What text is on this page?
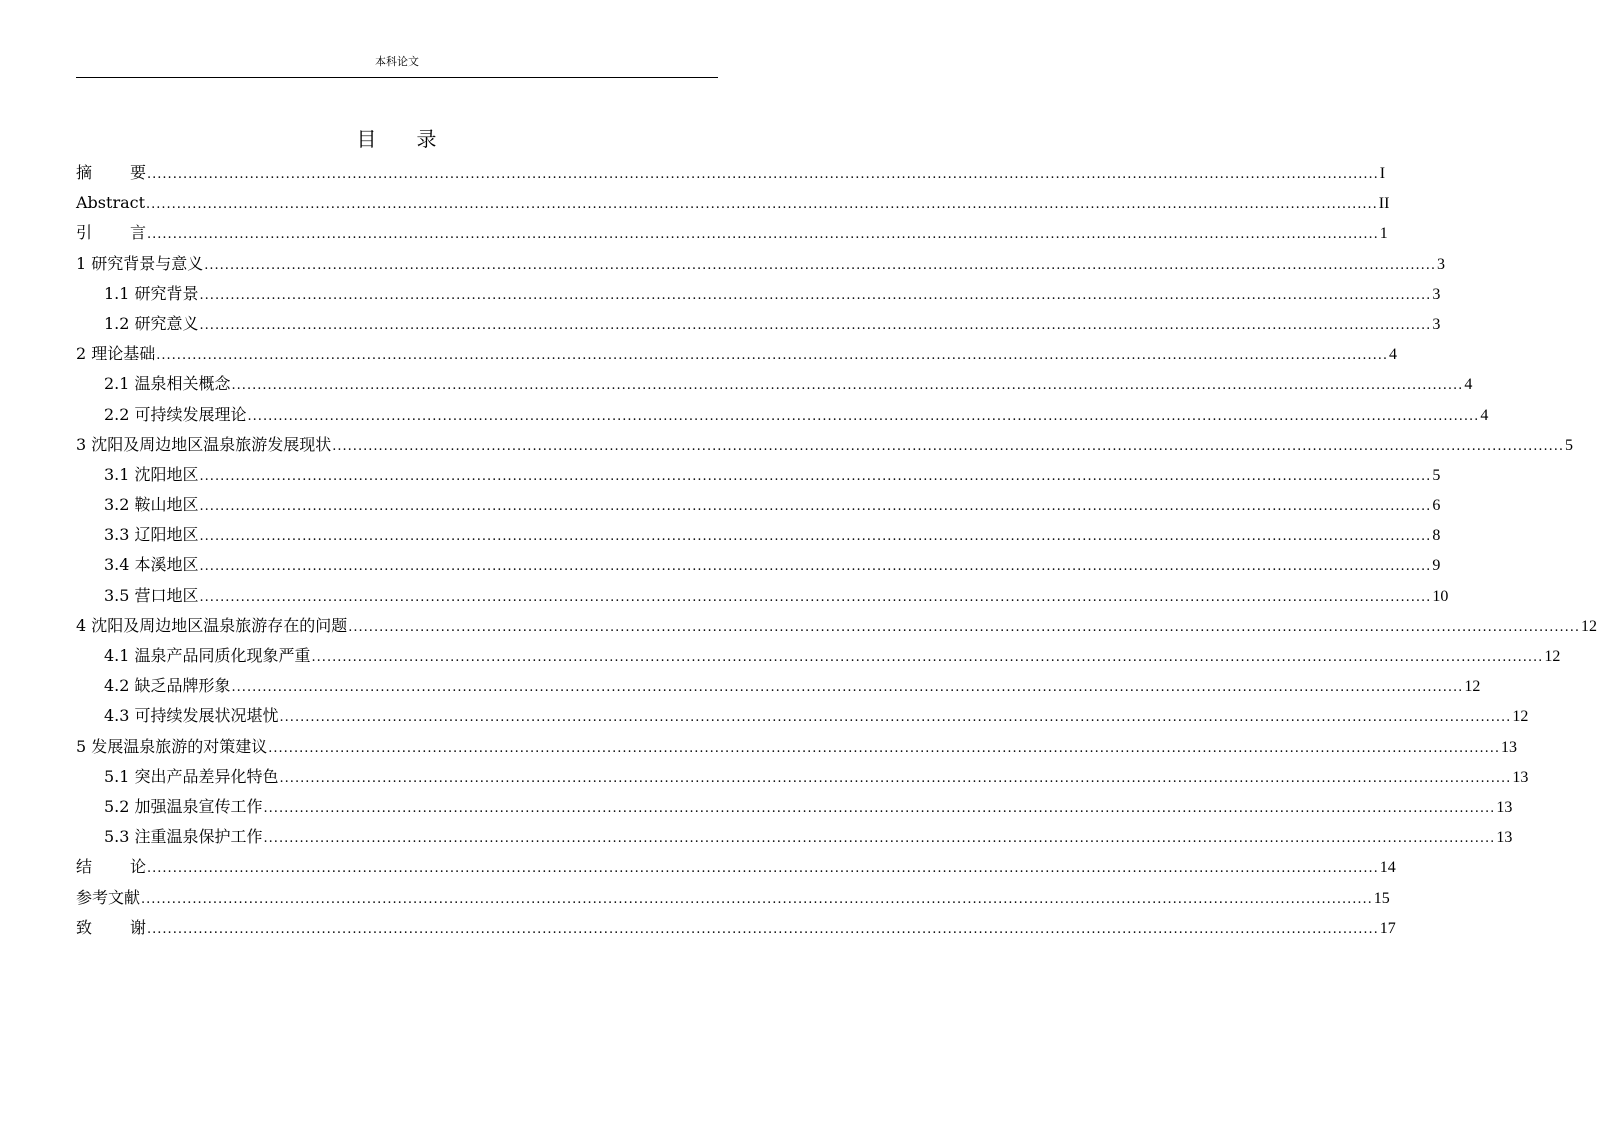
本科论文
目录
摘要 ................................................................................................................................................................................................................................................ I
Abstract ................................................................................................................................................................................................................................................ II
引言 ................................................................................................................................................................................................................................................ 1
1 研究背景与意义 ................................................................................................................................................................................................................................................ 3
1.1 研究背景 ................................................................................................................................................................................................................................................ 3
1.2 研究意义 ................................................................................................................................................................................................................................................ 3
2 理论基础 ................................................................................................................................................................................................................................................ 4
2.1 温泉相关概念 ................................................................................................................................................................................................................................................ 4
2.2 可持续发展理论 ................................................................................................................................................................................................................................................ 4
3 沈阳及周边地区温泉旅游发展现状 ................................................................................................................................................................................................................................................ 5
3.1 沈阳地区 ................................................................................................................................................................................................................................................ 5
3.2 鞍山地区 ................................................................................................................................................................................................................................................ 6
3.3 辽阳地区 ................................................................................................................................................................................................................................................ 8
3.4 本溪地区 ................................................................................................................................................................................................................................................ 9
3.5 营口地区 ................................................................................................................................................................................................................................................ 10
4 沈阳及周边地区温泉旅游存在的问题 ................................................................................................................................................................................................................................................ 12
4.1 温泉产品同质化现象严重 ................................................................................................................................................................................................................................................ 12
4.2 缺乏品牌形象 ................................................................................................................................................................................................................................................ 12
4.3 可持续发展状况堪忧 ................................................................................................................................................................................................................................................ 12
5 发展温泉旅游的对策建议 ................................................................................................................................................................................................................................................ 13
5.1 突出产品差异化特色 ................................................................................................................................................................................................................................................ 13
5.2 加强温泉宣传工作 ................................................................................................................................................................................................................................................ 13
5.3 注重温泉保护工作 ................................................................................................................................................................................................................................................ 13
结论 ................................................................................................................................................................................................................................................ 14
参考文献 ................................................................................................................................................................................................................................................ 15
致谢 ................................................................................................................................................................................................................................................ 17
